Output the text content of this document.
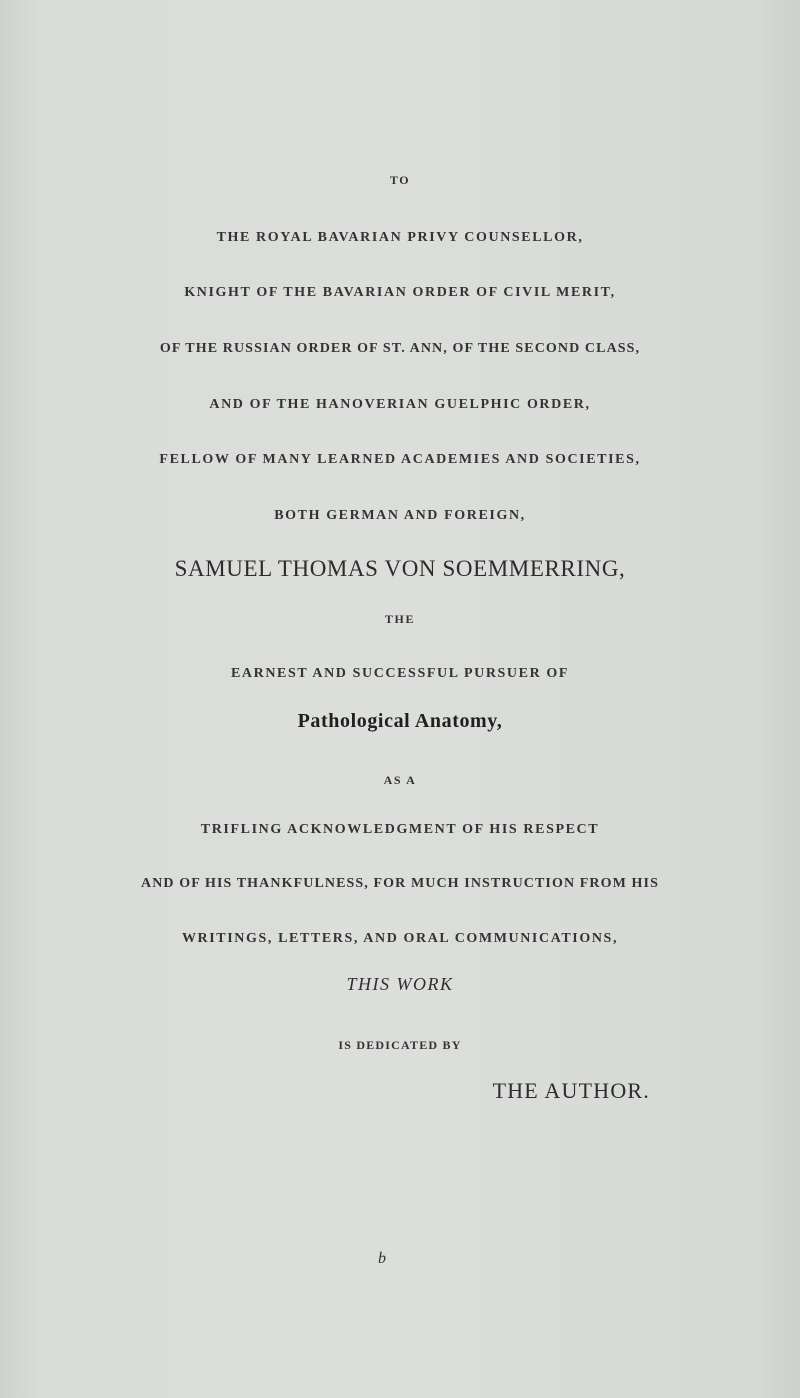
TO
THE ROYAL BAVARIAN PRIVY COUNSELLOR,
KNIGHT OF THE BAVARIAN ORDER OF CIVIL MERIT,
OF THE RUSSIAN ORDER OF ST. ANN, OF THE SECOND CLASS,
AND OF THE HANOVERIAN GUELPHIC ORDER,
FELLOW OF MANY LEARNED ACADEMIES AND SOCIETIES,
BOTH GERMAN AND FOREIGN,
SAMUEL THOMAS VON SOEMMERRING,
THE
EARNEST AND SUCCESSFUL PURSUER OF
Pathological Anatomy,
AS A
TRIFLING ACKNOWLEDGMENT OF HIS RESPECT
AND OF HIS THANKFULNESS, FOR MUCH INSTRUCTION FROM HIS
WRITINGS, LETTERS, AND ORAL COMMUNICATIONS,
THIS WORK
IS DEDICATED BY
THE AUTHOR.
b
